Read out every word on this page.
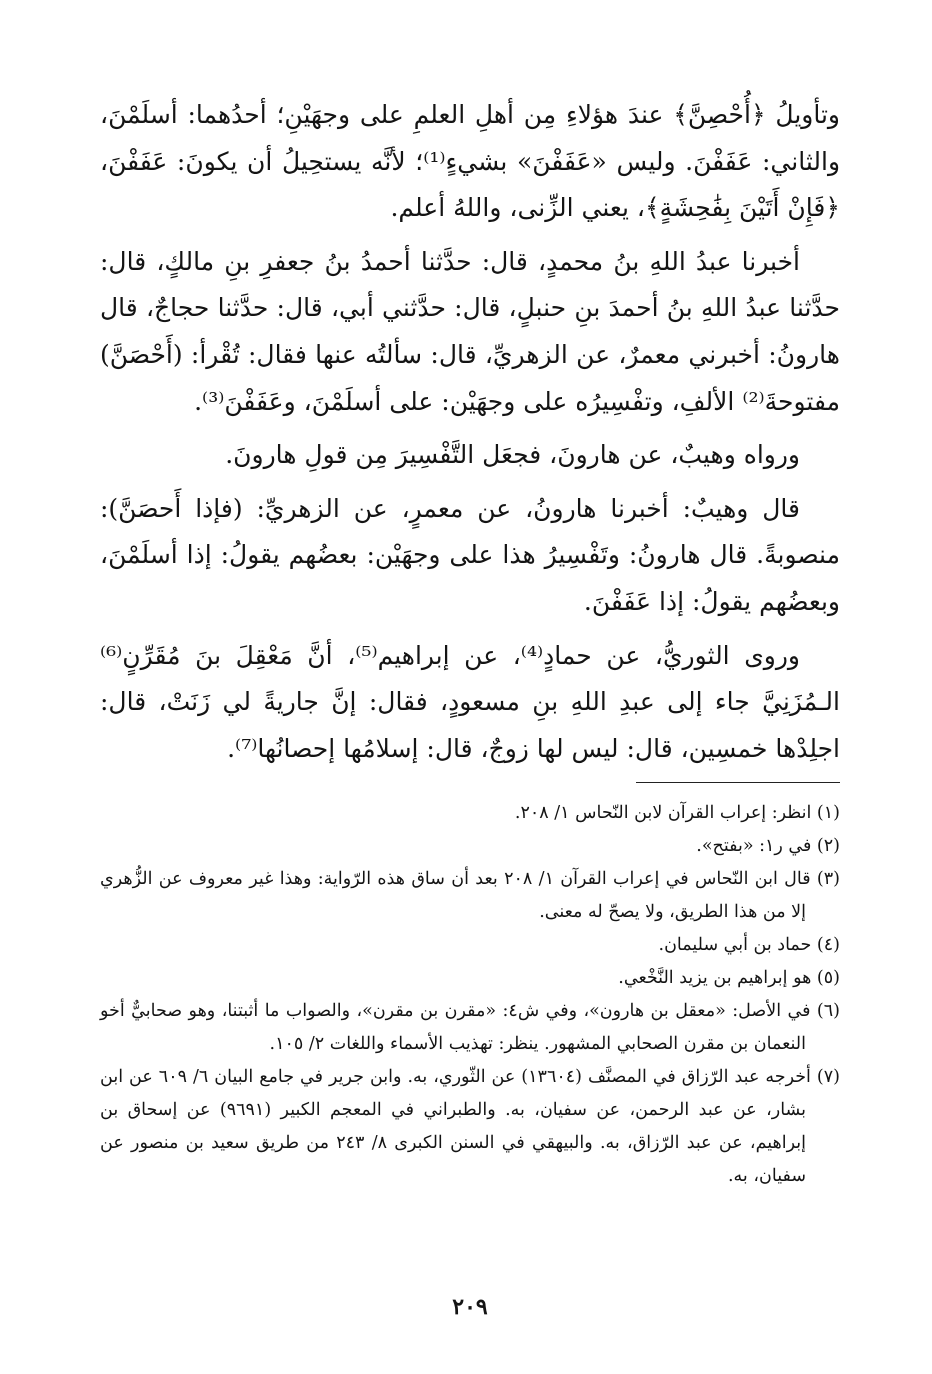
وتأويلُ ﴿أُحْصِنَّ﴾ عندَ هؤلاءِ مِن أهلِ العلمِ على وجهَيْنِ؛ أحدُهما: أسلَمْنَ، والثاني: عَفَفْنَ. وليس «عَفَفْنَ» بشيءٍ⁽¹⁾؛ لأنَّه يستحِيلُ أن يكونَ: عَفَفْنَ، ﴿فَإِنْ أَتَيْنَ بِفَٰحِشَةٍ﴾، يعني الزِّنى، واللهُ أعلم.

أخبرنا عبدُ اللهِ بنُ محمدٍ، قال: حدَّثنا أحمدُ بنُ جعفرِ بنِ مالكٍ، قال: حدَّثنا عبدُ اللهِ بنُ أحمدَ بنِ حنبلٍ، قال: حدَّثني أبي، قال: حدَّثنا حجاجٌ، قال هارونُ: أخبرني معمرٌ، عن الزهريِّ، قال: سألتُه عنها فقال: تُقْرأ: (أَحْصَنَّ) مفتوحةَ⁽²⁾ الألفِ، وتفْسِيرُه على وجهَيْن: على أسلَمْنَ، وعَفَفْنَ⁽³⁾.

ورواه وهيبٌ، عن هارونَ، فجعَل التَّفْسِيرَ مِن قولِ هارونَ.

قال وهيبٌ: أخبرنا هارونُ، عن معمرٍ، عن الزهريِّ: (فإذا أَحصَنَّ): منصوبةً. قال هارونُ: وتَفْسِيرُ هذا على وجهَيْن: بعضُهم يقولُ: إذا أسلَمْنَ، وبعضُهم يقولُ: إذا عَفَفْنَ.

وروى الثوريُّ، عن حمادٍ⁽⁴⁾، عن إبراهيم⁽⁵⁾، أنَّ مَعْقِلَ بنَ مُقَرِّنٍ⁽⁶⁾ الـمُزَنِيَّ جاء إلى عبدِ اللهِ بنِ مسعودٍ، فقال: إنَّ جاريةً لي زَنَتْ، قال: اجلِدْها خمسِين، قال: ليس لها زوجٌ، قال: إسلامُها إحصانُها⁽⁷⁾.

(١) انظر: إعراب القرآن لابن النّحاس ١/ ٢٠٨.

(٢) في ر١: «بفتح».

(٣) قال ابن النّحاس في إعراب القرآن ١/ ٢٠٨ بعد أن ساق هذه الرّواية: وهذا غير معروف عن الزُّهري إلا من هذا الطريق، ولا يصحّ له معنى.

(٤) حماد بن أبي سليمان.

(٥) هو إبراهيم بن يزيد النَّخْعي.

(٦) في الأصل: «معقل بن هارون»، وفي ش٤: «مقرن بن مقرن»، والصواب ما أثبتنا، وهو صحابيٌّ أخو النعمان بن مقرن الصحابي المشهور. ينظر: تهذيب الأسماء واللغات ٢/ ١٠٥.

(٧) أخرجه عبد الرّزاق في المصنَّف (١٣٦٠٤) عن الثّوري، به. وابن جرير في جامع البيان ٦/ ٦٠٩ عن ابن بشار، عن عبد الرحمن، عن سفيان، به. والطبراني في المعجم الكبير (٩٦٩١) عن إسحاق بن إبراهيم، عن عبد الرّزاق، به. والبيهقي في السنن الكبرى ٨/ ٢٤٣ من طريق سعيد بن منصور عن سفيان، به.

٢٠٩
